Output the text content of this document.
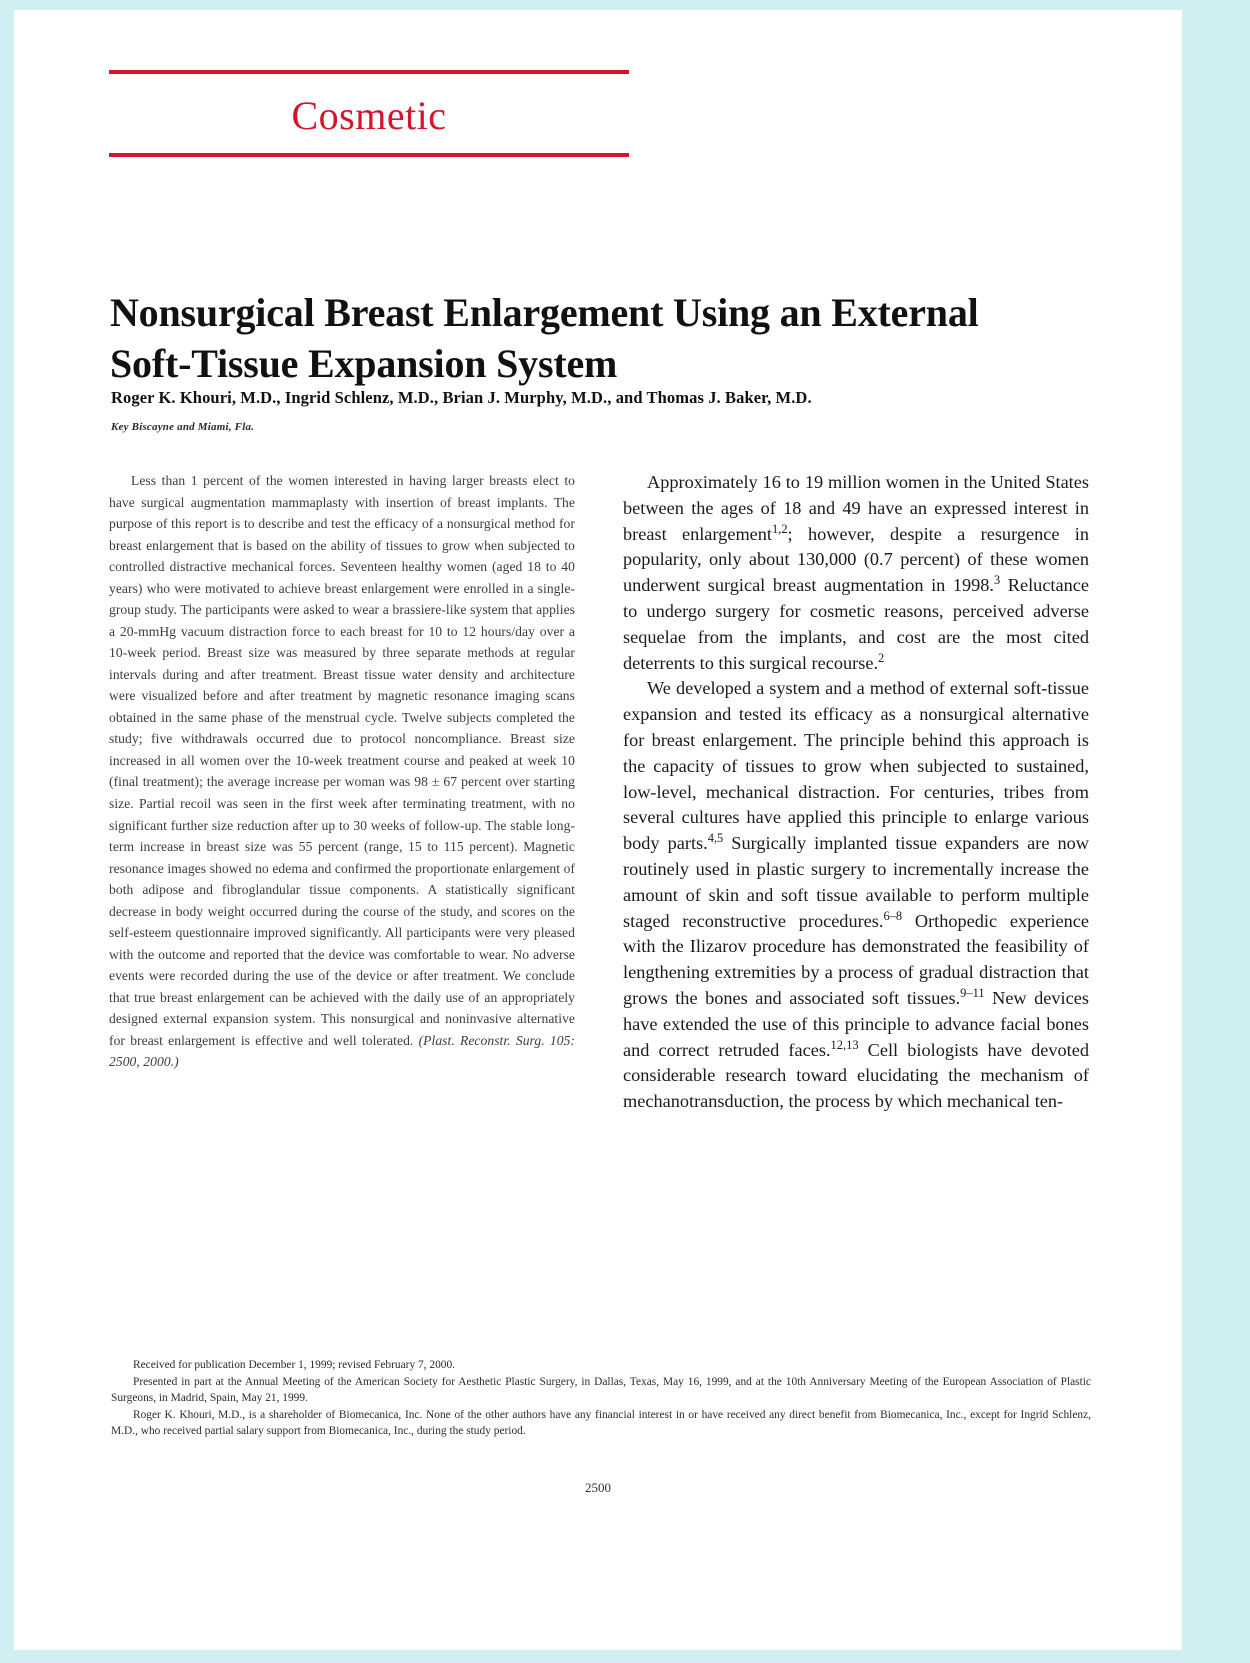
Cosmetic
Nonsurgical Breast Enlargement Using an External Soft-Tissue Expansion System
Roger K. Khouri, M.D., Ingrid Schlenz, M.D., Brian J. Murphy, M.D., and Thomas J. Baker, M.D.
Key Biscayne and Miami, Fla.

Less than 1 percent of the women interested in having larger breasts elect to have surgical augmentation mammaplasty with insertion of breast implants. The purpose of this report is to describe and test the efficacy of a nonsurgical method for breast enlargement that is based on the ability of tissues to grow when subjected to controlled distractive mechanical forces. Seventeen healthy women (aged 18 to 40 years) who were motivated to achieve breast enlargement were enrolled in a single-group study. The participants were asked to wear a brassiere-like system that applies a 20-mmHg vacuum distraction force to each breast for 10 to 12 hours/day over a 10-week period. Breast size was measured by three separate methods at regular intervals during and after treatment. Breast tissue water density and architecture were visualized before and after treatment by magnetic resonance imaging scans obtained in the same phase of the menstrual cycle. Twelve subjects completed the study; five withdrawals occurred due to protocol noncompliance. Breast size increased in all women over the 10-week treatment course and peaked at week 10 (final treatment); the average increase per woman was 98 ± 67 percent over starting size. Partial recoil was seen in the first week after terminating treatment, with no significant further size reduction after up to 30 weeks of follow-up. The stable long-term increase in breast size was 55 percent (range, 15 to 115 percent). Magnetic resonance images showed no edema and confirmed the proportionate enlargement of both adipose and fibroglandular tissue components. A statistically significant decrease in body weight occurred during the course of the study, and scores on the self-esteem questionnaire improved significantly. All participants were very pleased with the outcome and reported that the device was comfortable to wear. No adverse events were recorded during the use of the device or after treatment. We conclude that true breast enlargement can be achieved with the daily use of an appropriately designed external expansion system. This nonsurgical and noninvasive alternative for breast enlargement is effective and well tolerated. (Plast. Reconstr. Surg. 105: 2500, 2000.)

Approximately 16 to 19 million women in the United States between the ages of 18 and 49 have an expressed interest in breast enlargement$^{1,2}$; however, despite a resurgence in popularity, only about 130,000 (0.7 percent) of these women underwent surgical breast augmentation in 1998.$^3$ Reluctance to undergo surgery for cosmetic reasons, perceived adverse sequelae from the implants, and cost are the most cited deterrents to this surgical recourse.$^2$

We developed a system and a method of external soft-tissue expansion and tested its efficacy as a nonsurgical alternative for breast enlargement. The principle behind this approach is the capacity of tissues to grow when subjected to sustained, low-level, mechanical distraction. For centuries, tribes from several cultures have applied this principle to enlarge various body parts.$^{4,5}$ Surgically implanted tissue expanders are now routinely used in plastic surgery to incrementally increase the amount of skin and soft tissue available to perform multiple staged reconstructive procedures.$^{6-8}$ Orthopedic experience with the Ilizarov procedure has demonstrated the feasibility of lengthening extremities by a process of gradual distraction that grows the bones and associated soft tissues.$^{9-11}$ New devices have extended the use of this principle to advance facial bones and correct retruded faces.$^{12,13}$ Cell biologists have devoted considerable research toward elucidating the mechanism of mechanotransduction, the process by which mechanical ten-

Received for publication December 1, 1999; revised February 7, 2000.

Presented in part at the Annual Meeting of the American Society for Aesthetic Plastic Surgery, in Dallas, Texas, May 16, 1999, and at the 10th Anniversary Meeting of the European Association of Plastic Surgeons, in Madrid, Spain, May 21, 1999.

Roger K. Khouri, M.D., is a shareholder of Biomecanica, Inc. None of the other authors have any financial interest in or have received any direct benefit from Biomecanica, Inc., except for Ingrid Schlenz, M.D., who received partial salary support from Biomecanica, Inc., during the study period.

2500
